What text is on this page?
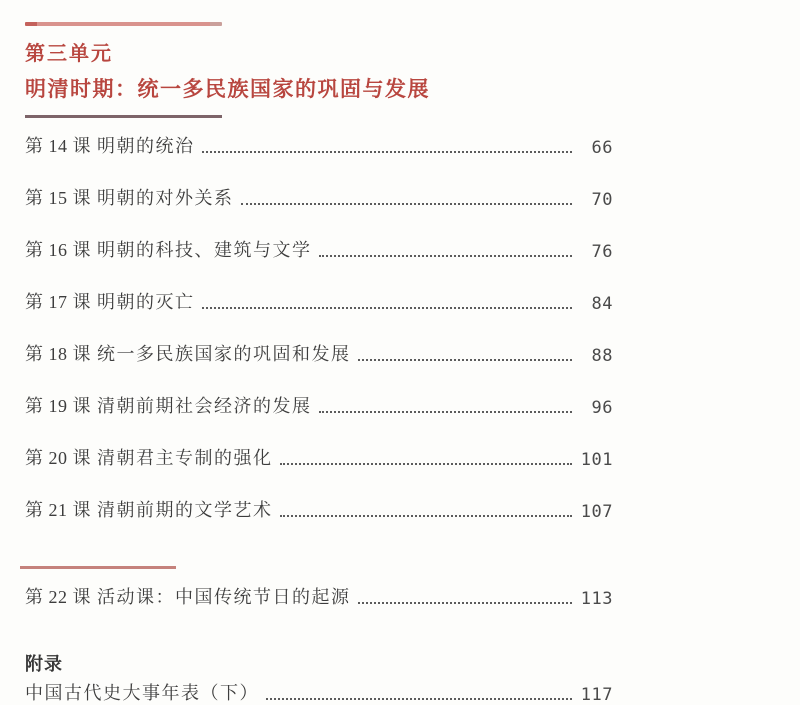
第三单元
明清时期：统一多民族国家的巩固与发展
第 14 课 明朝的统治	66
第 15 课 明朝的对外关系	70
第 16 课 明朝的科技、建筑与文学	76
第 17 课 明朝的灭亡	84
第 18 课 统一多民族国家的巩固和发展	88
第 19 课 清朝前期社会经济的发展	96
第 20 课 清朝君主专制的强化	101
第 21 课 清朝前期的文学艺术	107
第 22 课 活动课：中国传统节日的起源	113
附录
中国古代史大事年表（下）	117
